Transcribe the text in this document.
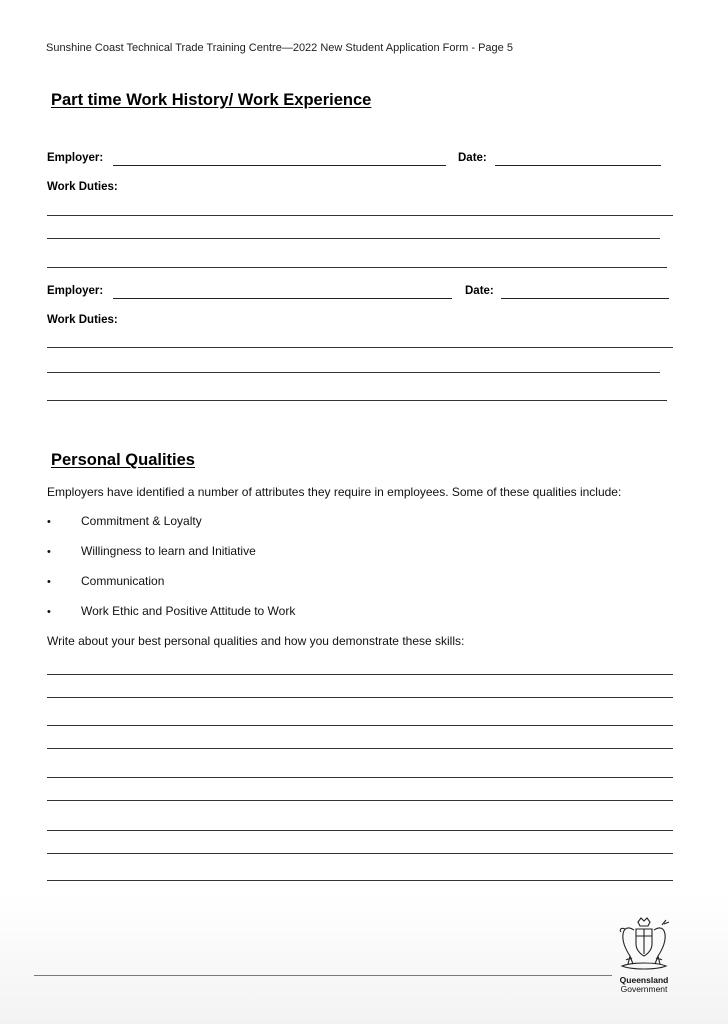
Sunshine Coast Technical Trade Training Centre—2022 New Student Application Form - Page 5
Part time Work History/ Work Experience
Employer:	Date:
Work Duties:
Employer:	Date:
Work Duties:
Personal Qualities
Employers have identified a number of attributes they require in employees. Some of these qualities include:
•	Commitment & Loyalty
•	Willingness to learn and Initiative
•	Communication
•	Work Ethic and Positive Attitude to Work
Write about your best personal qualities and how you demonstrate these skills:
Queensland
Government
